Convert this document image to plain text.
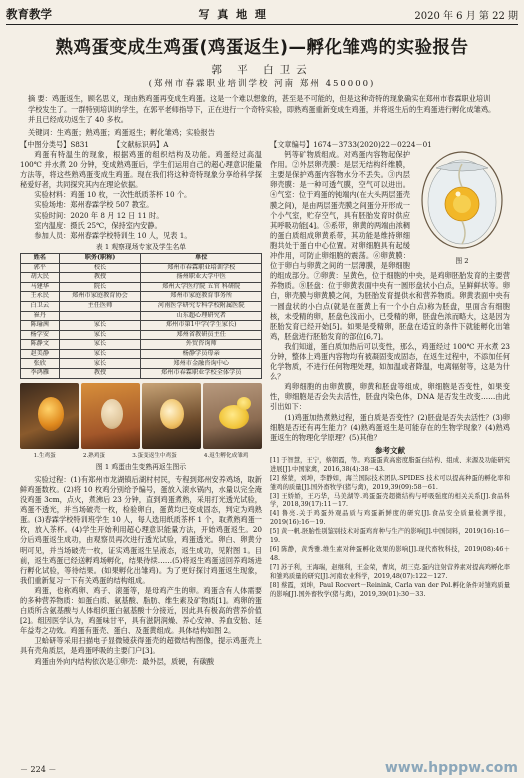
教育教学	写 真 地 理	2020 年 6 月 第 22 期
熟鸡蛋变成生鸡蛋(鸡蛋返生)—孵化雏鸡的实验报告
郭 平 白卫云
(郑州市春霖职业培训学校 河南 郑州 450000)
摘 要：鸡蛋返生，顾名思义，现由熟鸡蛋再变成生鸡蛋。这是一个难以想象的，甚至是不可能的，但是这种奇特的现象确实在郑州市春霖职业培训学校发生了。一群特别培训的学生，在郭平老师指导下，正在进行一个奇特实验，即熟鸡蛋重新变成生鸡蛋，并将返生后的生鸡蛋进行孵化成雏鸡。并且已经成功返生了 40 多枚。
关键词：生鸡蛋；熟鸡蛋；鸡蛋返生；孵化雏鸡；实验报告
【中图分类号】S831	【文献标识码】A

鸡蛋有特温生的现象，根据鸡蛋的组织结构及功能。鸡蛋经过高温 100℃ 并水煮 20 分钟，变成熟鸡蛋后，学生们运用自己的超心理意识能量方法等，将这些熟鸡蛋变成生鸡蛋。现在我们将这种奇特现象分享给科学探秘爱好者，共同探究其内在理论依据。

实验材料：鸡蛋 10 枚，一次性纸质茶杯 10 个。

实验场地：郑州春霖学校 507 教室。

实验时间：2020 年 8 月 12 日 11 时。

室内温度：摄氏 25℃，保持室内安静。

参加人员：郑州春霖学校特训生 10 人，见表 1。

表 1 观察现场专家及学生名单
姓名	职务(职称)	单位
郭平	校长	郑州市春霖职业培训学校
胡大民	教授	扬州职业大学中医
马建华	院长	郑州大学医疗院 五官 科研院
王永民	郑州市家庭教育协会	郑州市家庭教育事务所
白卫云	主任医师	河南医学研究专科学校附属医院
崔丹		山东超心理研究者
陈瑜茜	家长	郑州市第1中学(学生家长)
杨学安	家长	郑州省教研员主任
陈静文	家长	外贸咨询师
赵美静	家长	杨静学员母亲
张欣	家长	郑州市金融咨询中心
李鸿雁	教授	郑州市春霖职业学校全体学员
1.生鸡蛋	2.熟鸡蛋	3.蛋变返生中鸡蛋	4.返生孵化成雏鸡
图 1 鸡蛋由生变熟再返生图示

实验过程：(1)有郑州市龙湖镇后湖村村民，专程到郑州安养鸡场，取新鲜鸡蛋数枚。(2)将 10 枚鸡分别给予编号，蛋放入滚水锅内，水量以完全淹没鸡蛋 3cm，点火，煮沸后 23 分钟，直到鸡蛋煮熟，采用打光透光试验，鸡蛋不透光，并当场破壳一枚，检验卵白，蛋黄均已变成固态，判定为鸡熟蛋。(3)春霖学校特训班学生 10 人，每人选用纸质茶杯 1 个，取煮熟鸡蛋一枚，放入茶杯。(4)学生开始利用超心理意识能量方法，开始鸡蛋返生。20 分后鸡蛋返生成功，由观察员再次进行透光试验，鸡蛋透光。卵白、卵黄分明可见，并当场破壳一枚，证实鸡蛋返生呈液态，返生成功，见附图 1。目前，返生鸡蛋已经送孵鸡场孵化，结果待续……(5)将返生鸡蛋送回养鸡场进行孵化试验，等待结果。(如果孵化出雏鸡)。为了更好探讨鸡蛋返生现象，我们重新复习一下有关鸡蛋的结构组成。

鸡蛋，也称鸡卵、鸡子、滚蛋等，是母鸡产生的卵。鸡蛋含有人体需要的多种营养物质：如蛋白质、氨基酸、脂肪、维生素及矿物质[1]。鸡卵的蛋白质所含氨基酸与人体组织蛋白氨基酸十分接近，因此具有极高的营养价值[2]。组因医学认为，鸡蛋味甘平，具有滋阴润燥、养心安神、养血安胎、延年益寿之功效。鸡蛋有蛋壳、蛋白、及蛋黄组成。具体结构如图 2。

卫蛤研等采用扫描电子显微镜获得蛋壳的超微结构图像，提示鸡蛋壳上具有壳角质层，是鸡蛋呼吸的主要门户[3]。

鸡蛋由外向内结构依次是①卵壳：最外层，质硬，有碳酸

【文章编号】1674－3733(2020)22－0224－01
图 2

钙等矿物质组成。对鸡蛋内容物起保护作用。②外层卵壳膜：是层无结构纤维膜，主要是保护鸡蛋内容物水分不丢失。③内层卵壳膜：是一种可透气膜，空气可以进出。④气室：位于鸡蛋的钝端内(在大头两层蛋壳膜之间)，是由两层蛋壳膜之间蛋分开形成一个小气室，贮存空气，具有胚胎发育时供应其呼吸功能[4]。⑤系带，卵黄的两端由浓稠的蛋白质组成卵黄系带，其功能是维持卵细胞共处于蛋白中心位置。对卵细胞具有起缓冲作用，可防止卵细胞的震荡。⑥卵黄膜：位于卵白与卵黄之间的一层薄膜，是卵细胞的组成部分。⑦卵黄：呈黄色，位于细胞的中央，是鸡卵胚胎发育的主要营养物质。⑧胚盘：位于卵黄表面中央有一圆形盘状小白点，呈鲜鲜状等。卵白，卵壳膜与卵黄膜之间，为胚胎发育提供水和营养物质。卵黄表面中央有一圆盘状的小白点(就是在蛋黄上有一个小白点)称为胚盘，里面含有细胞核，未受精的卵，胚盘色浅而小，已受精的卵，胚盘色浓而略大，这是因为胚胎发育已经开始[5]。如果是受精卵，胚盘在适宜的条件下就能孵化出雏鸡，胚盘进行胚胎发育的部位[6,7]。

我们知道，蛋白质加热后可以变性，那么，鸡蛋经过 100℃ 开水煮 23 分钟，整体上鸡蛋内容物均有被凝固变成固态，在返生过程中，不添加任何化学物质，不进行任何物理处理，如加温或者降温，电离辐射等，这是为什么？

鸡卵细胞的由卵黄膜，卵黄和胚盘等组成，卵细胞是否变性，如果变性，卵细胞是否会失去活性，胚盘内染色体，DNA 是否发生改变……由此引出如下：

(1)鸡蛋加热煮熟过程，蛋白质是否变性？(2)胚盘是否失去活性？(3)卵细胞是否还有再生能力？(4)熟鸡蛋返生是可能存在的生物学现象？(4)熟鸡蛋返生的物理化学原理？(5)其他？

参考文献
[1] 于智慧，王宁，蔡朝霞，等。鸡蛋蛋黄高密度脂蛋白结构、组成、来源及功能研究进展[J].中国家禽，2016,38(4):38－43.
[2] 蔡蒙，刘坤，李静如，海兰国际技术团队.SPIDES 技术可以提高种蛋的孵化率和雏鸡的质量[J].国外畜牧学(猪与禽)，2019,39(09):58－61.
[3] 王娇娇，王巧华，马美湖等.鸡蛋蛋壳超微结构与呼吸强度的相关关系[J].食品科学，2018,39(17):11－17.
[4] 鲁亮.关于鸡蛋外观品质与鸡蛋新鲜度的研究[J].食品安全质量检测学报，2019(16):16－19.
[5] 黄一帆.胚胎性别鉴别技术对蛋鸡育种与生产的影响[J].中国饲料，2019(16):16－19.
[6] 陈静，黄秀雅.维生素对种蛋孵化效果的影响[J].现代畜牧科技，2019(08):46＋48.
[7] 苏子利，王海瑞，赵继利，王金荣，曹岚，胡三克.蛋内注射营养素对提高鸡孵化率和雏鸡质量的研究[J].河南农业科学，2019,48(07):122－127.
[8] 蔡霞，刘坤，Paul Rocvert－Reinink, Carla van der Pol.孵化条件对雏鸡质量的影响[J].国外畜牧学(猪与禽)，2019,39(01):30－33.
－ 224 －	www.hpppw.com
